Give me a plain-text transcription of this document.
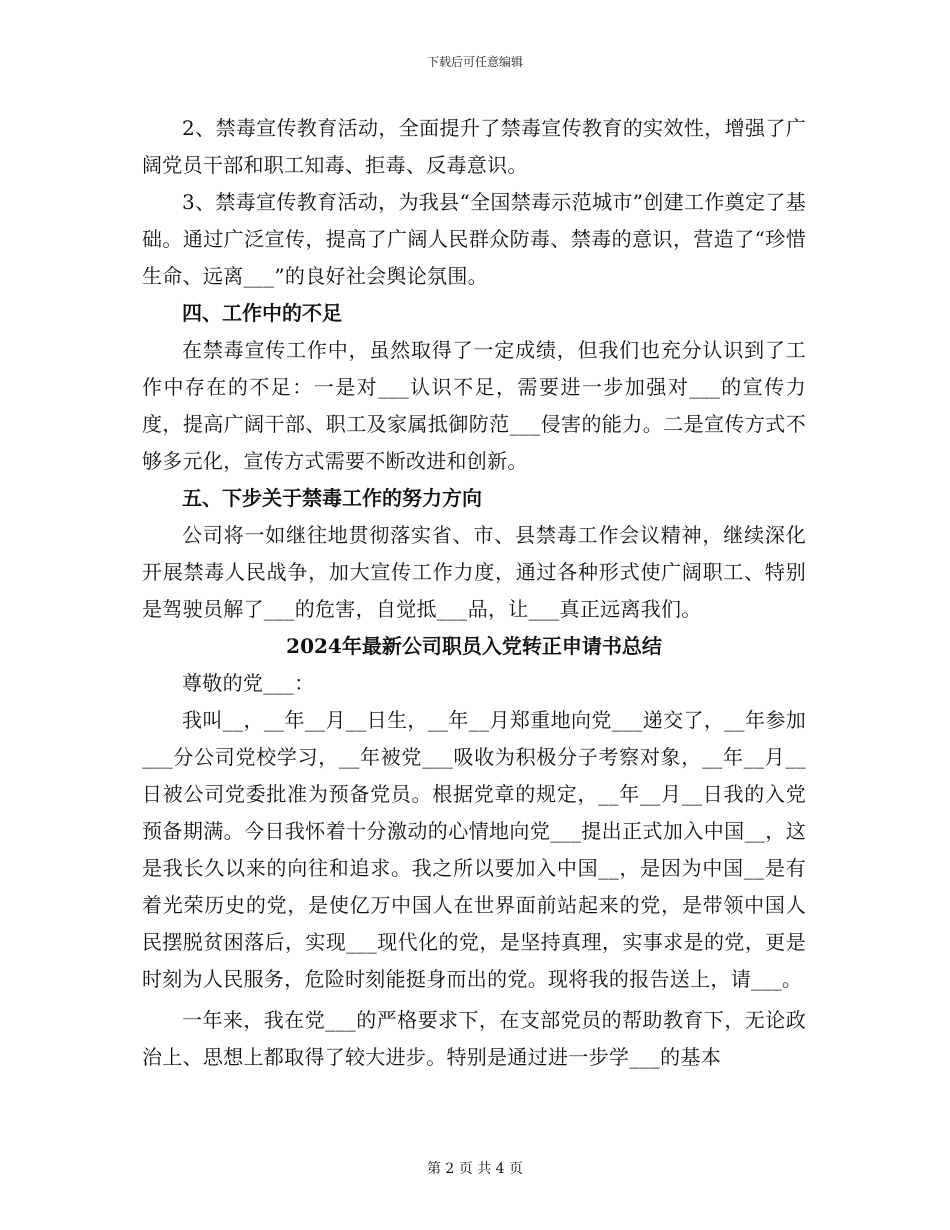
下载后可任意编辑

2、禁毒宣传教育活动，全面提升了禁毒宣传教育的实效性，增强了广阔党员干部和职工知毒、拒毒、反毒意识。

3、禁毒宣传教育活动，为我县“全国禁毒示范城市”创建工作奠定了基础。通过广泛宣传，提高了广阔人民群众防毒、禁毒的意识，营造了“珍惜生命、远离___”的良好社会舆论氛围。

四、工作中的不足

在禁毒宣传工作中，虽然取得了一定成绩，但我们也充分认识到了工作中存在的不足：一是对___认识不足，需要进一步加强对___的宣传力度，提高广阔干部、职工及家属抵御防范___侵害的能力。二是宣传方式不够多元化，宣传方式需要不断改进和创新。

五、下步关于禁毒工作的努力方向

公司将一如继往地贯彻落实省、市、县禁毒工作会议精神，继续深化开展禁毒人民战争，加大宣传工作力度，通过各种形式使广阔职工、特别是驾驶员解了___的危害，自觉抵___品，让___真正远离我们。

2024年最新公司职员入党转正申请书总结

尊敬的党___：

我叫__，__年__月__日生，__年__月郑重地向党___递交了，__年参加___分公司党校学习，__年被党___吸收为积极分子考察对象，__年__月__日被公司党委批准为预备党员。根据党章的规定，__年__月__日我的入党预备期满。今日我怀着十分激动的心情地向党___提出正式加入中国__，这是我长久以来的向往和追求。我之所以要加入中国__，是因为中国__是有着光荣历史的党，是使亿万中国人在世界面前站起来的党，是带领中国人民摆脱贫困落后，实现___现代化的党，是坚持真理，实事求是的党，更是时刻为人民服务，危险时刻能挺身而出的党。现将我的报告送上，请___。

一年来，我在党___的严格要求下，在支部党员的帮助教育下，无论政治上、思想上都取得了较大进步。特别是通过进一步学___的基本

第 2 页 共 4 页
